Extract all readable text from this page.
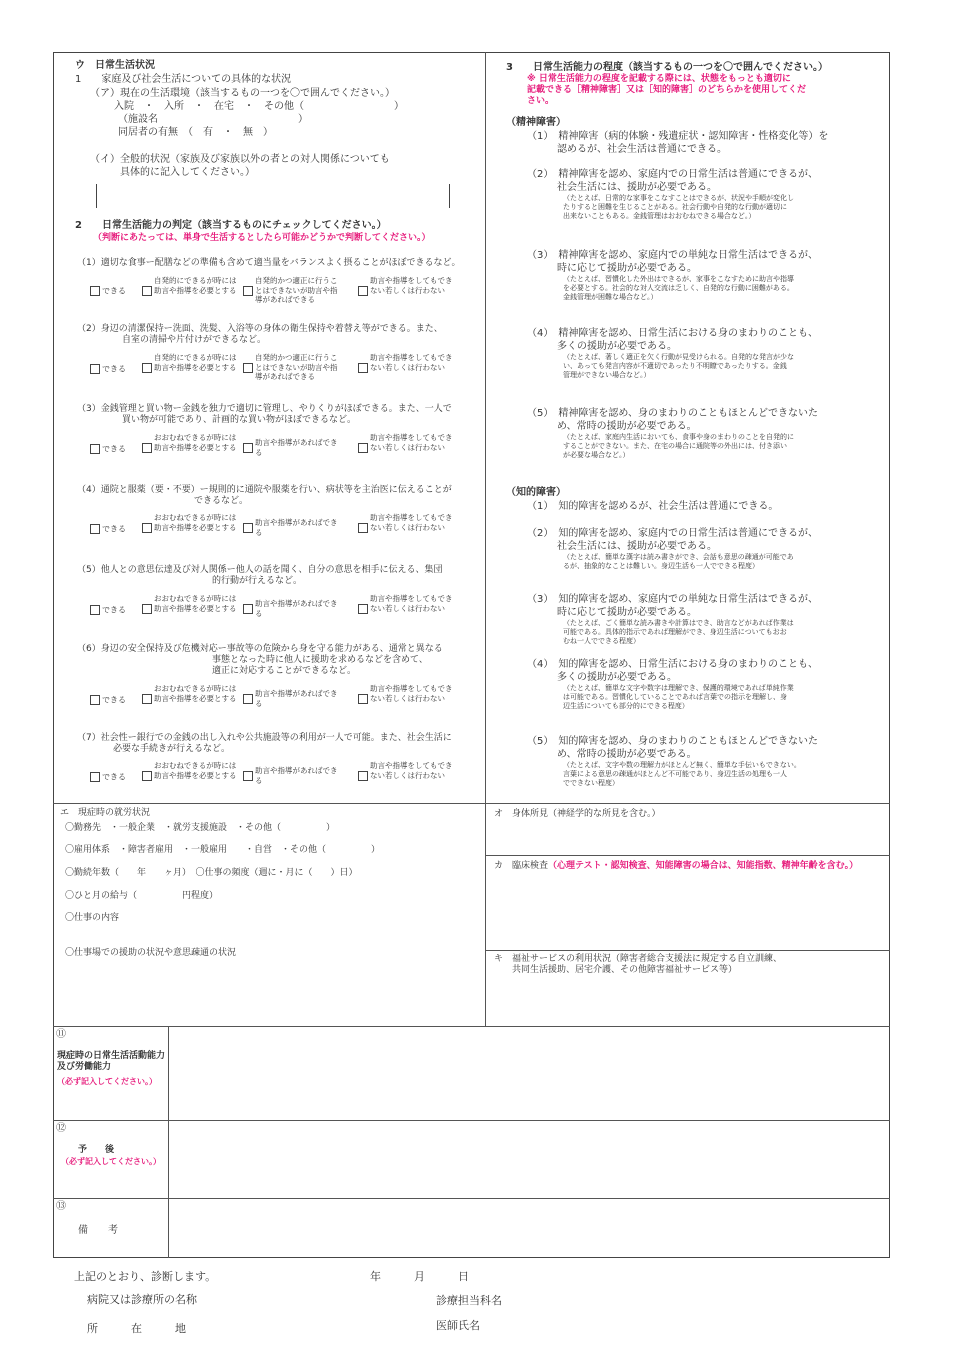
ウ　日常生活状況
1　　家庭及び社会生活についての具体的な状況
（ア）現在の生活環境（該当するもの一つを〇で囲んでください。）
入院　・　入所　・　在宅　・　その他（　　　　　　　　　）
（施設名　　　　　　　　　　　　　　）
同居者の有無　（　有　・　無　）
（イ）全般的状況（家族及び家族以外の者との対人関係についても
　　　具体的に記入してください。）
2　　日常生活能力の判定（該当するものにチェックしてください。）
（判断にあたっては、単身で生活するとしたら可能かどうかで判断してください。）
（1）適切な食事ー配膳などの準備も含めて適当量をバランスよく摂ることがほぼできるなど。
できる
自発的にできるが時には助言や指導を必要とする
自発的かつ適正に行うことはできないが助言や指導があればできる
助言や指導をしてもできない若しくは行わない
（2）身辺の清潔保持ー洗面、洗髪、入浴等の身体の衛生保持や着替え等ができる。また、
　　　　　自室の清掃や片付けができるなど。
できる
自発的にできるが時には助言や指導を必要とする
自発的かつ適正に行うことはできないが助言や指導があればできる
助言や指導をしてもできない若しくは行わない
（3）金銭管理と買い物ー金銭を独力で適切に管理し、やりくりがほぼできる。また、一人で
　　　　　買い物が可能であり、計画的な買い物がほぼできるなど。
できる
おおむねできるが時には助言や指導を必要とする 助言や指導があればできる
助言や指導をしてもできない若しくは行わない
（4）通院と服薬（要・不要）ー規則的に通院や服薬を行い、病状等を主治医に伝えることが
　　　　　　　　　　　　　できるなど。
できる
おおむねできるが時には助言や指導を必要とする 助言や指導があればできる
助言や指導をしてもできない若しくは行わない
（5）他人との意思伝達及び対人関係ー他人の話を聞く、自分の意思を相手に伝える、集団
　　　　　　　　　　　　　　　的行動が行えるなど。
できる
おおむねできるが時には助言や指導を必要とする 助言や指導があればできる
助言や指導をしてもできない若しくは行わない
（6）身辺の安全保持及び危機対応ー事故等の危険から身を守る能力がある、通常と異なる
　　　　　　　　　　　　　　　事態となった時に他人に援助を求めるなどを含めて、
　　　　　　　　　　　　　　　適正に対応することができるなど。
できる
おおむねできるが時には助言や指導を必要とする 助言や指導があればできる
助言や指導をしてもできない若しくは行わない
（7）社会性ー銀行での金銭の出し入れや公共施設等の利用が一人で可能。また、社会生活に
　　　　必要な手続きが行えるなど。
できる
おおむねできるが時には助言や指導を必要とする 助言や指導があればできる
助言や指導をしてもできない若しくは行わない
3　　日常生活能力の程度（該当するもの一つを〇で囲んでください。）
※ 日常生活能力の程度を記載する際には、状態をもっとも適切に
記載できる［精神障害］又は［知的障害］のどちらかを使用してくだ
さい。
（精神障害）
（1）　精神障害（病的体験・残遺症状・認知障害・性格変化等）を
　　　認めるが、社会生活は普通にできる。
（2）　精神障害を認め、家庭内での日常生活は普通にできるが、
　　　社会生活には、援助が必要である。
（たとえば、日常的な家事をこなすことはできるが、状況や手順が変化し
たりすると困難を生じることがある。社会行動や自発的な行動が適切に
出来ないこともある。金銭管理はおおむねできる場合など。）
（3）　精神障害を認め、家庭内での単純な日常生活はできるが、
　　　時に応じて援助が必要である。
（たとえば、習慣化した外出はできるが、家事をこなすために助言や指導
を必要とする。社会的な対人交流は乏しく、自発的な行動に困難がある。
金銭管理が困難な場合など。）
（4）　精神障害を認め、日常生活における身のまわりのことも、
　　　多くの援助が必要である。
（たとえば、著しく適正を欠く行動が見受けられる。自発的な発言が少な
い、あっても発言内容が不適切であったり不明瞭であったりする。金銭
管理ができない場合など。）
（5）　精神障害を認め、身のまわりのこともほとんどできないた
　　　め、常時の援助が必要である。
（たとえば、家庭内生活においても、食事や身のまわりのことを自発的に
することができない。また、在宅の場合に通院等の外出には、付き添い
が必要な場合など。）
（知的障害）
（1）　知的障害を認めるが、社会生活は普通にできる。
（2）　知的障害を認め、家庭内での日常生活は普通にできるが、
　　　社会生活には、援助が必要である。
（たとえば、簡単な漢字は読み書きができ、会話も意思の疎通が可能であ
るが、抽象的なことは難しい。身辺生活も一人でできる程度）
（3）　知的障害を認め、家庭内での単純な日常生活はできるが、
　　　時に応じて援助が必要である。
（たとえば、ごく簡単な読み書きや計算はでき、助言などがあれば作業は
可能である。具体的指示であれば理解ができ、身辺生活についてもおお
むね一人でできる程度）
（4）　知的障害を認め、日常生活における身のまわりのことも、
　　　多くの援助が必要である。
（たとえば、簡単な文字や数字は理解でき、保護的環境であれば単純作業
は可能である。習慣化していることであれば言葉での指示を理解し、身
辺生活についても部分的にできる程度）
（5）　知的障害を認め、身のまわりのこともほとんどできないた
　　　め、常時の援助が必要である。
（たとえば、文字や数の理解力がほとんど無く、簡単な手伝いもできない。
言葉による意思の疎通がほとんど不可能であり、身辺生活の処理も一人
でできない程度）
エ　現症時の就労状況
〇勤務先　・一般企業　・就労支援施設　・その他（　　　　　）
〇雇用体系　・障害者雇用　・一般雇用　　・自営　・その他（　　　　　）
〇勤続年数（　　年　　ヶ月）　〇仕事の頻度（週に・月に（　　）日）
〇ひと月の給与（　　　　　円程度）
〇仕事の内容
〇仕事場での援助の状況や意思疎通の状況
オ　身体所見（神経学的な所見を含む。）
カ　臨床検査（心理テスト・認知検査、知能障害の場合は、知能指数、精神年齢を含む。）
キ　福祉サービスの利用状況（障害者総合支援法に規定する自立訓練、
　　共同生活援助、居宅介護、その他障害福祉サービス等）
⑪
現症時の日常生活活動能力及び労働能力
（必ず記入してください。）
⑫
予　　後
（必ず記入してください。）
⑬
備　　考
上記のとおり、診断します。	年　　　月　　　日
病院又は診療所の名称	診療担当科名
所　　　在　　　地	医師氏名
